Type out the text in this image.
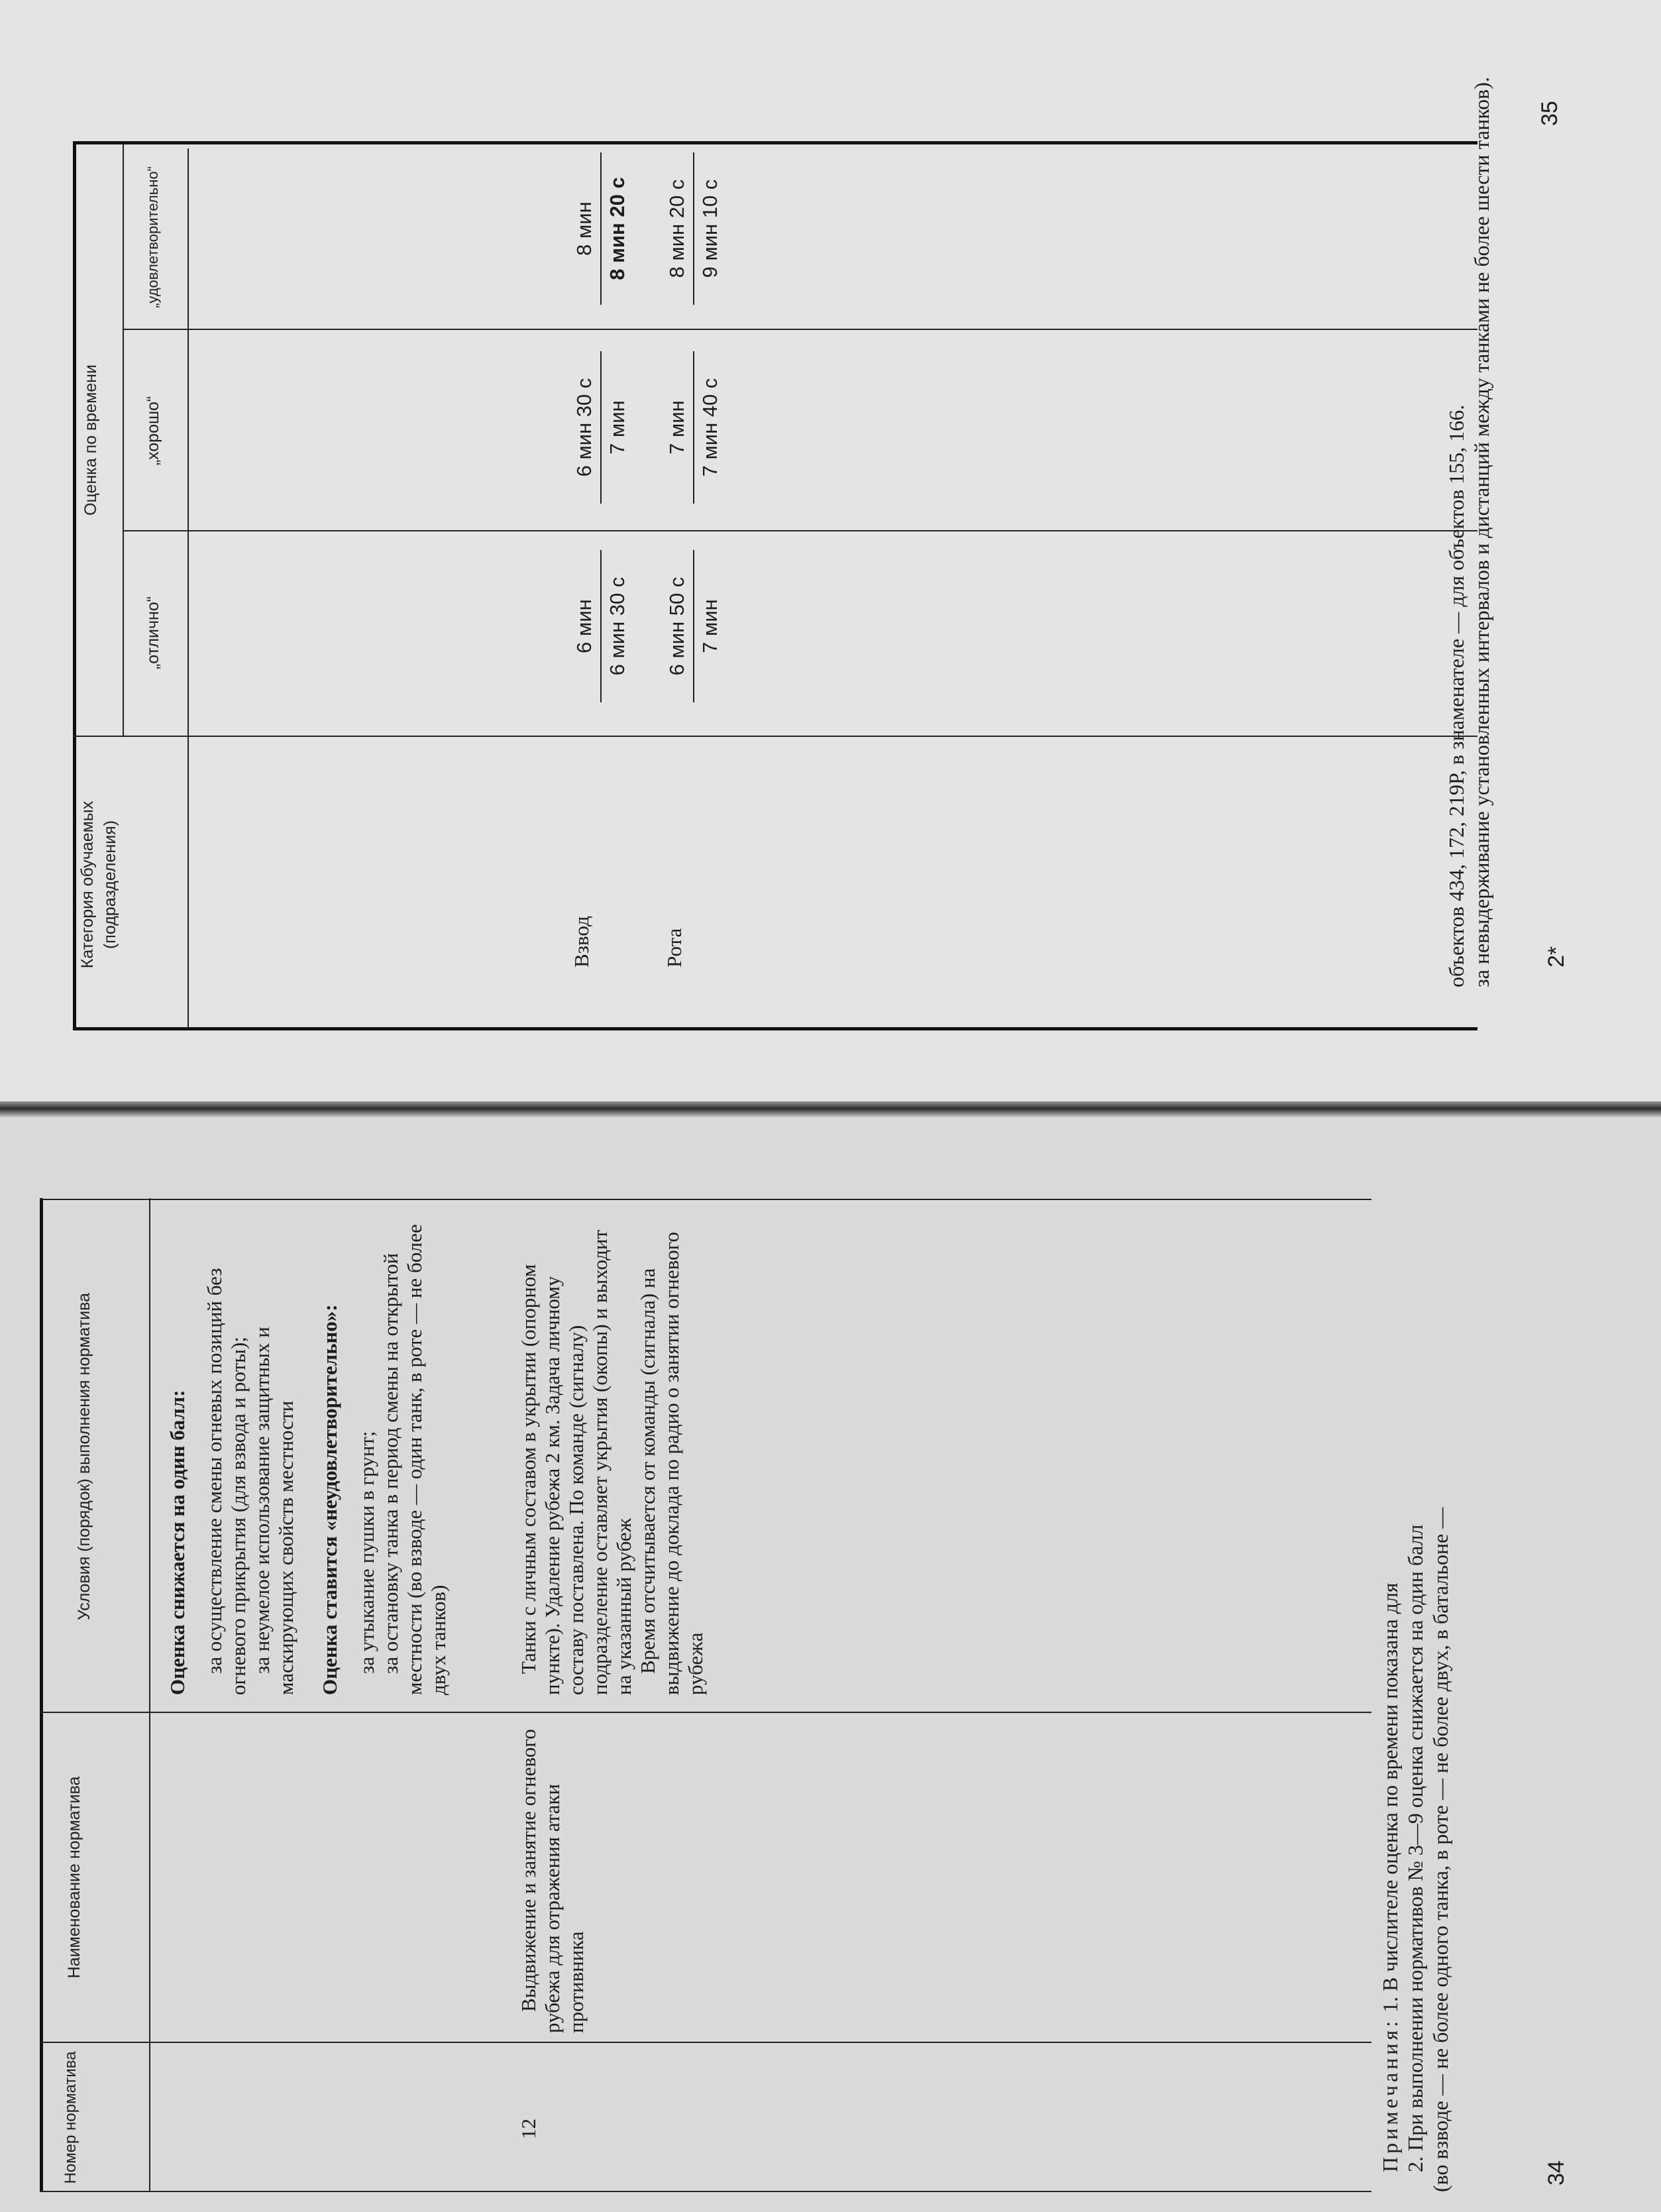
Категория обучаемых (подразделения)
Оценка по времени
„отлично“
„хорошо“
„удовлетворительно“
Взвод
6 мин 6 мин 30 с
6 мин 30 с 7 мин
8 мин 8 мин 20 с
Рота
6 мин 50 с 7 мин
7 мин 7 мин 40 с
8 мин 20 с 9 мин 10 с
объектов 434, 172, 219Р, в знаменателе — для объектов 155, 166. за невыдерживание установленных интервалов и дистанций между танками не более шести танков). 2*
35
Номер норматива
Наименование норматива
Условия (порядок) выполнения норматива	Оценка снижается на один балл: за осуществление смены огневых позиций без огневого прикрытия (для взвода и роты); за неумелое использование защитных и маскирующих свойств местности Оценка ставится «неудовлетворительно»: за утыкание пушки в грунт; за остановку танка в период смены на открытой местности (во взводе — один танк, в роте — не более двух танков)

12

Выдвижение и занятие огневого рубежа для отражения атаки противника

Танки с личным составом в укрытии (опорном пункте). Удаление рубежа 2 км. Задача личному составу поставлена. По команде (сигналу) подразделение оставляет укрытия (окопы) и выходит на указанный рубеж Время отсчитывается от команды (сигнала) на выдвижение до доклада по радио о занятии огневого рубежа

Примечания: 1. В числителе оценка по времени показана для 2. При выполнении нормативов № 3—9 оценка снижается на один балл (во взводе — не более одного танка, в роте — не более двух, в батальоне —	34
